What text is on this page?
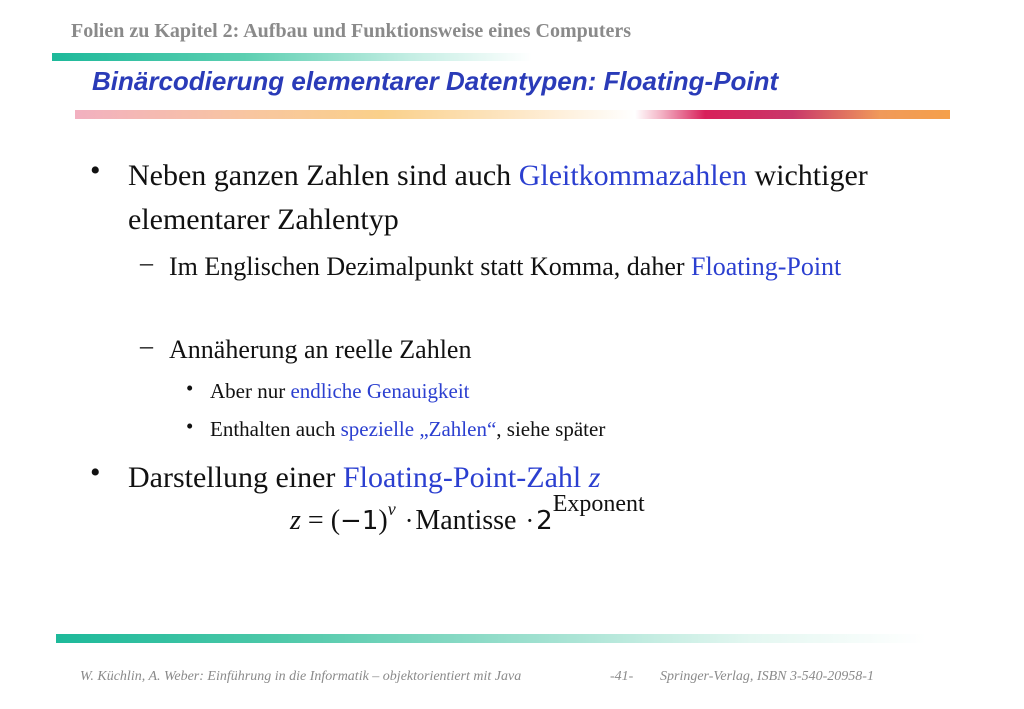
Folien zu Kapitel 2: Aufbau und Funktionsweise eines Computers
Binärcodierung elementarer Datentypen: Floating-Point
• Neben ganzen Zahlen sind auch Gleitkommazahlen wichtiger elementarer Zahlentyp
– Im Englischen Dezimalpunkt statt Komma, daher Floating-Point
– Annäherung an reelle Zahlen
• Aber nur endliche Genauigkeit
• Enthalten auch spezielle „Zahlen“, siehe später
• Darstellung einer Floating-Point-Zahl z
$z = (-1)^v$ ·Mantisse ·2Exponent
W. Küchlin, A. Weber: Einführung in die Informatik – objektorientiert mit Java	-41- Springer-Verlag, ISBN 3-540-20958-1
